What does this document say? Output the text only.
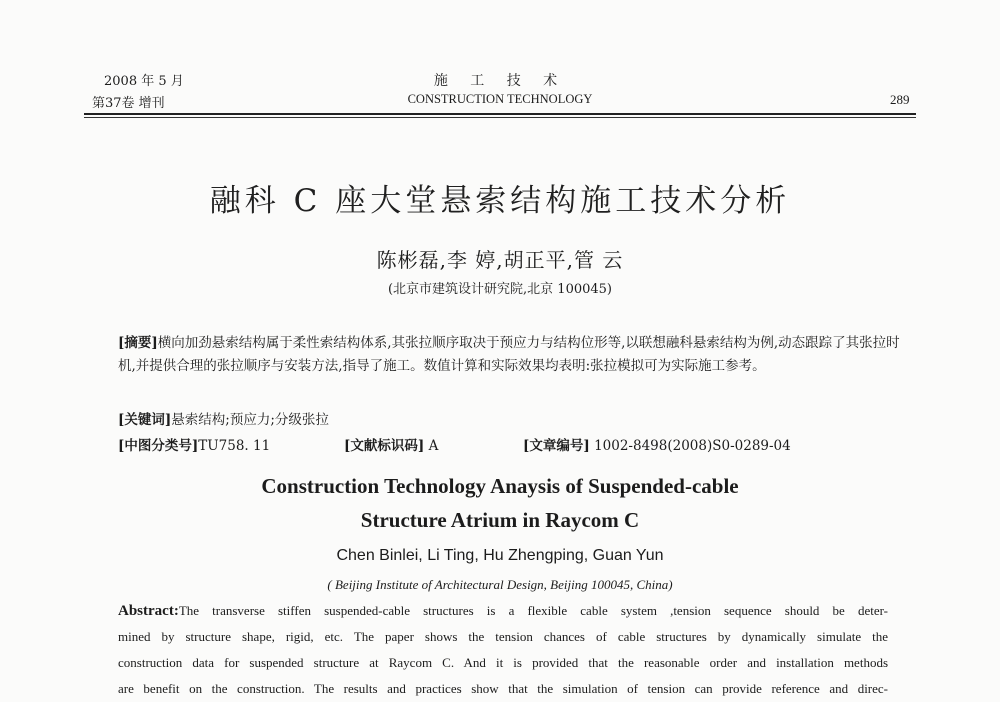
2008 年 5 月
第37卷 增刊
施 工 技 术
CONSTRUCTION TECHNOLOGY	289
融科 C 座大堂悬索结构施工技术分析
陈彬磊,李 婷,胡正平,管 云
(北京市建筑设计研究院,北京 100045)
[摘要]横向加劲悬索结构属于柔性索结构体系,其张拉顺序取决于预应力与结构位形等,以联想融科悬索结构为例,动态跟踪了其张拉时机,并提供合理的张拉顺序与安装方法,指导了施工。数值计算和实际效果均表明:张拉模拟可为实际施工参考。
[关键词]悬索结构;预应力;分级张拉
[中图分类号]TU758. 11	[文献标识码] A	[文章编号] 1002-8498(2008)S0-0289-04
Construction Technology Anaysis of Suspended-cable
Structure Atrium in Raycom C
Chen Binlei, Li Ting, Hu Zhengping, Guan Yun
( Beijing Institute of Architectural Design, Beijing 100045, China)
Abstract:The transverse stiffen suspended-cable structures is a flexible cable system ,tension sequence should be deter-
mined by structure shape, rigid, etc. The paper shows the tension chances of cable structures by dynamically simulate the
construction data for suspended structure at Raycom C. And it is provided that the reasonable order and installation methods
are benefit on the construction. The results and practices show that the simulation of tension can provide reference and direc-
